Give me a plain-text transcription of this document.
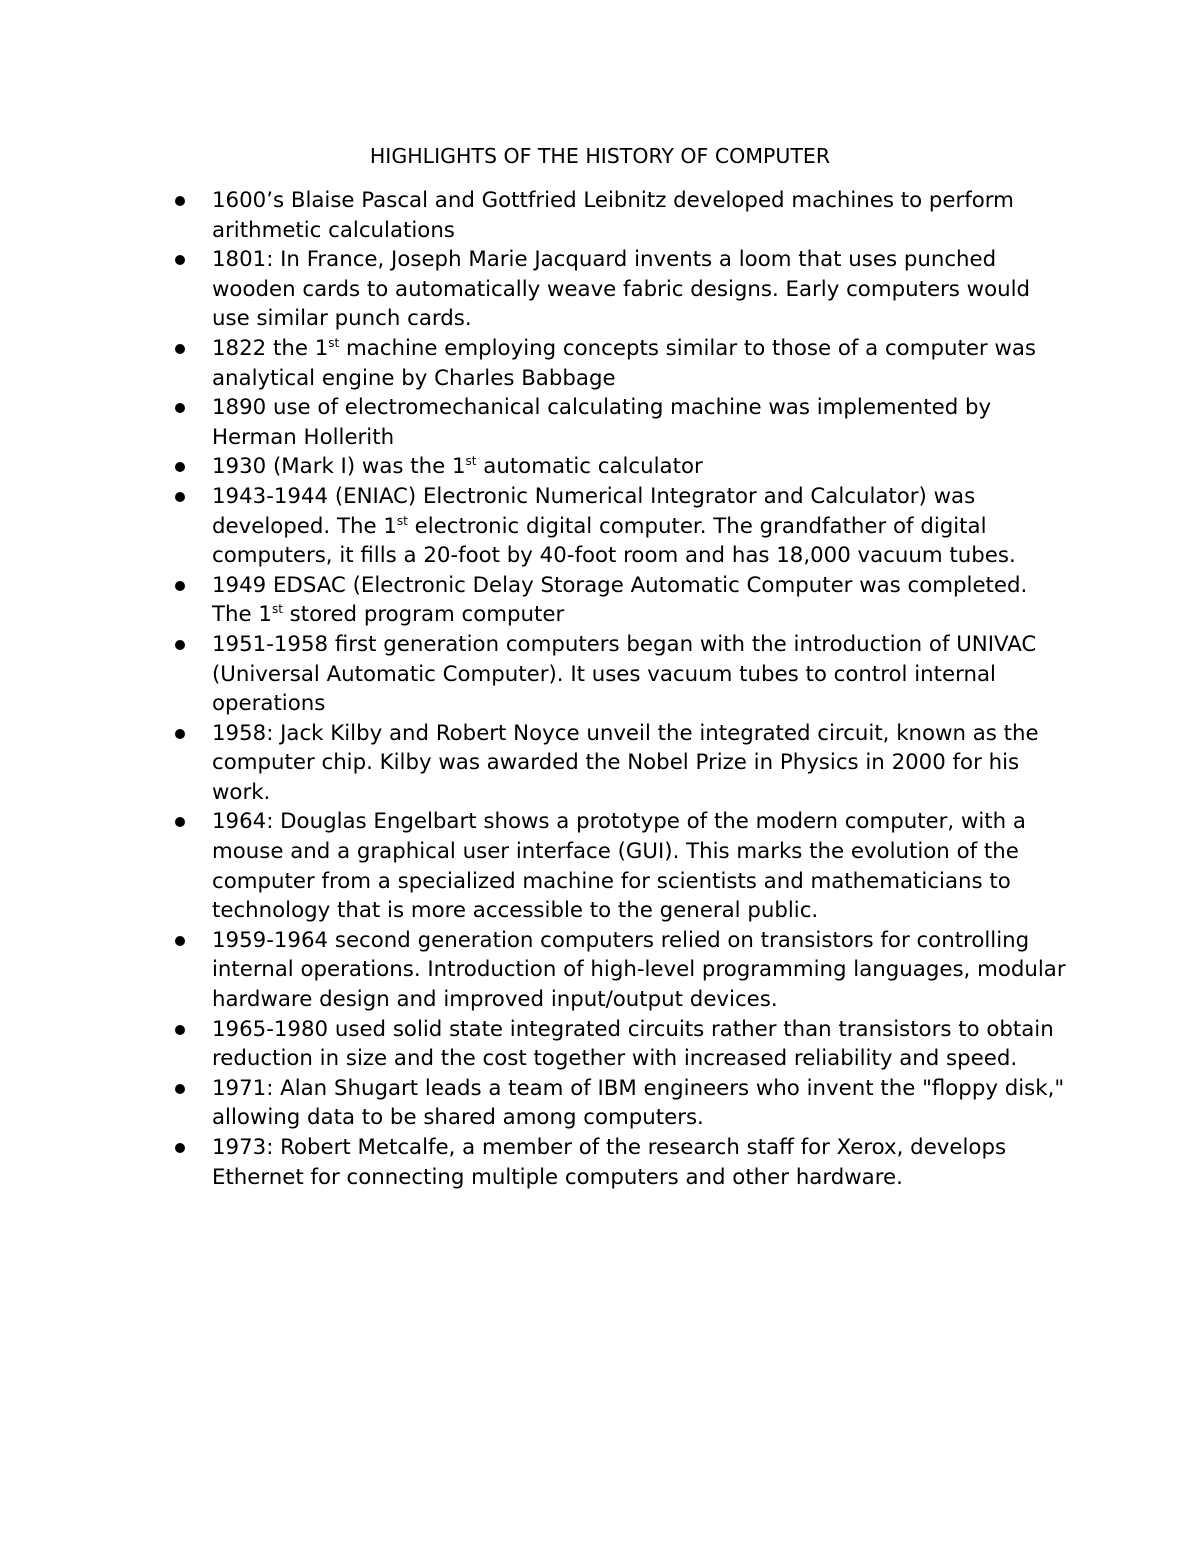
HIGHLIGHTS OF THE HISTORY OF COMPUTER
1600’s Blaise Pascal and Gottfried Leibnitz developed machines to perform arithmetic calculations
1801: In France, Joseph Marie Jacquard invents a loom that uses punched wooden cards to automatically weave fabric designs. Early computers would use similar punch cards.
1822 the 1st machine employing concepts similar to those of a computer was analytical engine by Charles Babbage
1890 use of electromechanical calculating machine was implemented by Herman Hollerith
1930 (Mark I) was the 1st automatic calculator
1943-1944 (ENIAC) Electronic Numerical Integrator and Calculator) was developed. The 1st electronic digital computer. The grandfather of digital computers, it fills a 20-foot by 40-foot room and has 18,000 vacuum tubes.
1949 EDSAC (Electronic Delay Storage Automatic Computer was completed. The 1st stored program computer
1951-1958 first generation computers began with the introduction of UNIVAC (Universal Automatic Computer). It uses vacuum tubes to control internal operations
1958: Jack Kilby and Robert Noyce unveil the integrated circuit, known as the computer chip. Kilby was awarded the Nobel Prize in Physics in 2000 for his work.
1964: Douglas Engelbart shows a prototype of the modern computer, with a mouse and a graphical user interface (GUI). This marks the evolution of the computer from a specialized machine for scientists and mathematicians to technology that is more accessible to the general public.
1959-1964 second generation computers relied on transistors for controlling internal operations. Introduction of high-level programming languages, modular hardware design and improved input/output devices.
1965-1980 used solid state integrated circuits rather than transistors to obtain reduction in size and the cost together with increased reliability and speed.
1971: Alan Shugart leads a team of IBM engineers who invent the "floppy disk," allowing data to be shared among computers.
1973: Robert Metcalfe, a member of the research staff for Xerox, develops Ethernet for connecting multiple computers and other hardware.
